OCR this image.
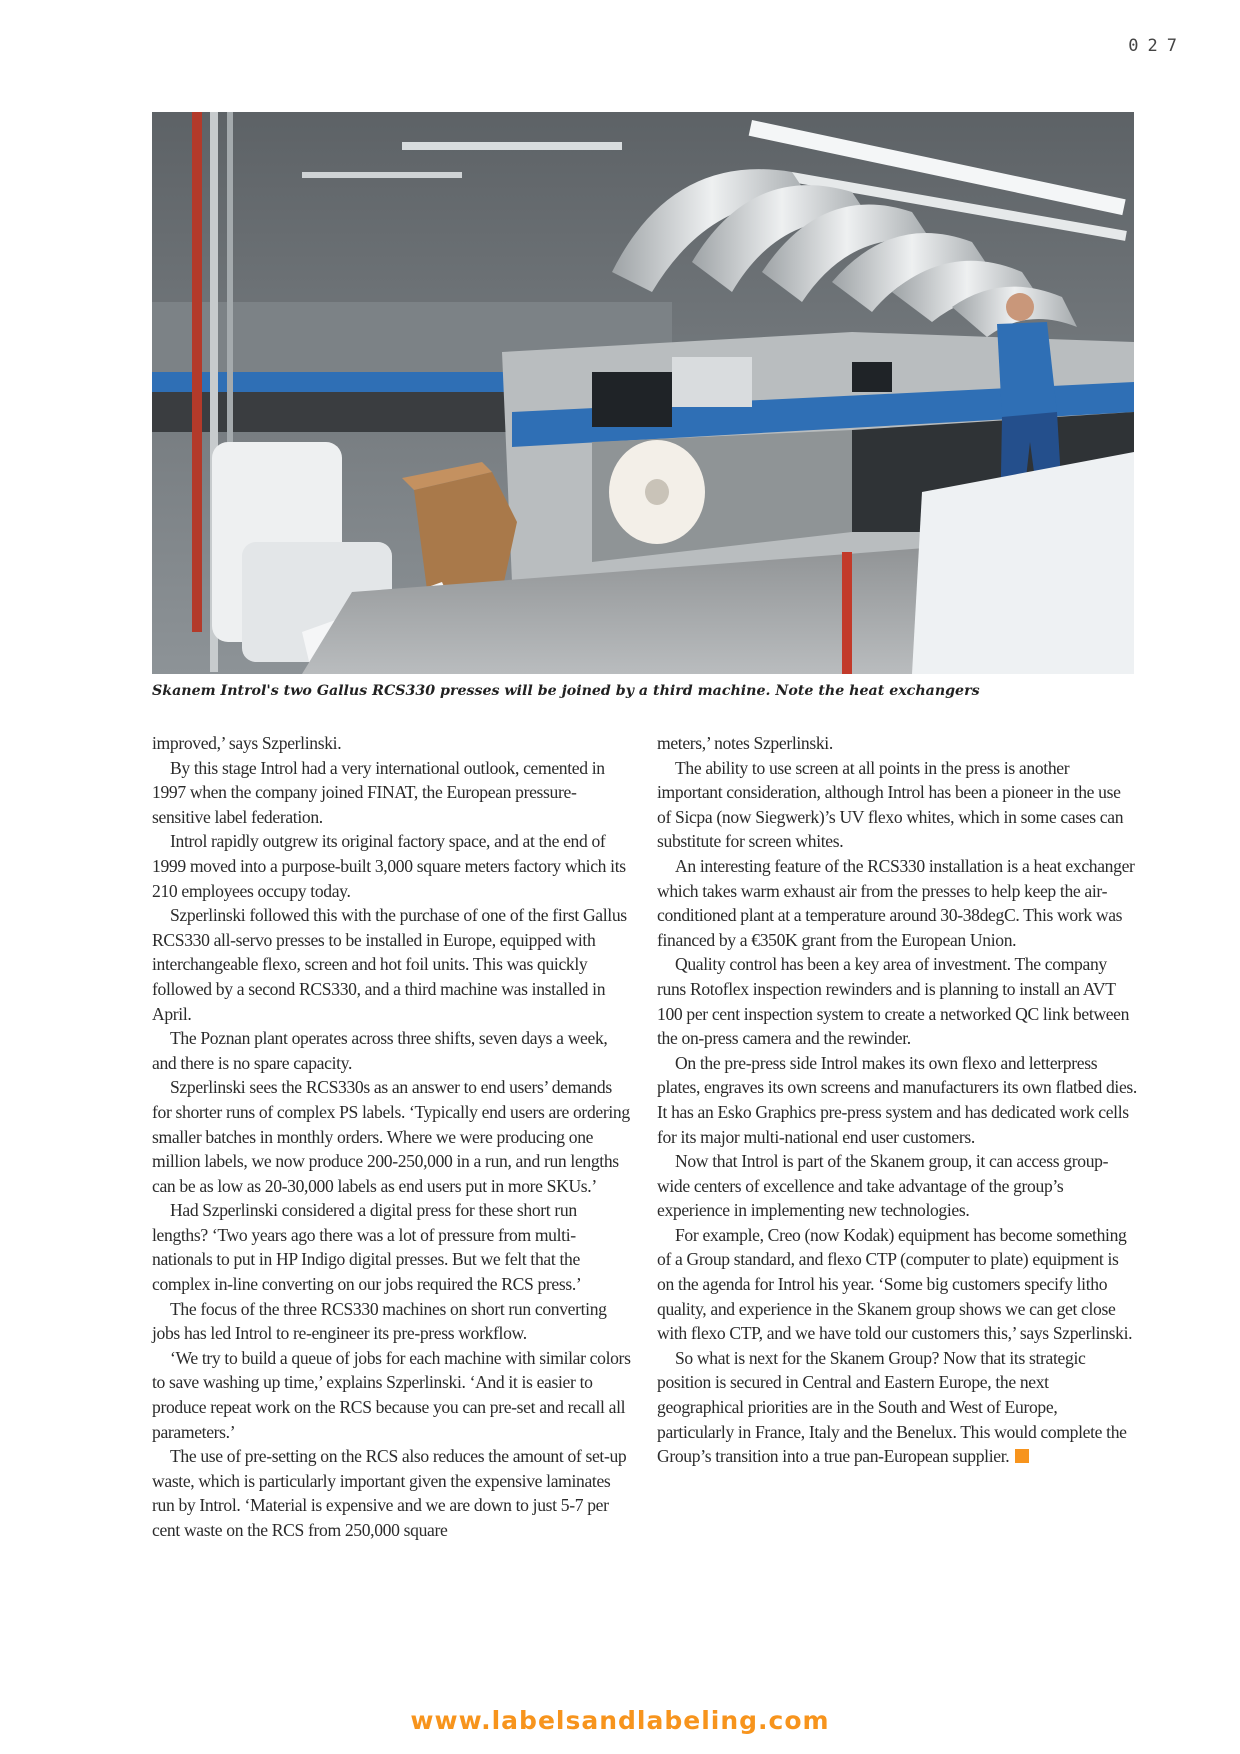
027
Skanem Introl's two Gallus RCS330 presses will be joined by a third machine. Note the heat exchangers

improved,’ says Szperlinski.

By this stage Introl had a very international outlook, cemented in 1997 when the company joined FINAT, the European pressure-sensitive label federation.

Introl rapidly outgrew its original factory space, and at the end of 1999 moved into a purpose-built 3,000 square meters factory which its 210 employees occupy today.

Szperlinski followed this with the purchase of one of the first Gallus RCS330 all-servo presses to be installed in Europe, equipped with interchangeable flexo, screen and hot foil units. This was quickly followed by a second RCS330, and a third machine was installed in April.

The Poznan plant operates across three shifts, seven days a week, and there is no spare capacity.

Szperlinski sees the RCS330s as an answer to end users’ demands for shorter runs of complex PS labels. ‘Typically end users are ordering smaller batches in monthly orders. Where we were producing one million labels, we now produce 200-250,000 in a run, and run lengths can be as low as 20-30,000 labels as end users put in more SKUs.’

Had Szperlinski considered a digital press for these short run lengths? ‘Two years ago there was a lot of pressure from multi-nationals to put in HP Indigo digital presses. But we felt that the complex in-line converting on our jobs required the RCS press.’

The focus of the three RCS330 machines on short run converting jobs has led Introl to re-engineer its pre-press workflow.

‘We try to build a queue of jobs for each machine with similar colors to save washing up time,’ explains Szperlinski. ‘And it is easier to produce repeat work on the RCS because you can pre-set and recall all parameters.’

The use of pre-setting on the RCS also reduces the amount of set-up waste, which is particularly important given the expensive laminates run by Introl. ‘Material is expensive and we are down to just 5-7 per cent waste on the RCS from 250,000 square

meters,’ notes Szperlinski.

The ability to use screen at all points in the press is another important consideration, although Introl has been a pioneer in the use of Sicpa (now Siegwerk)’s UV flexo whites, which in some cases can substitute for screen whites.

An interesting feature of the RCS330 installation is a heat exchanger which takes warm exhaust air from the presses to help keep the air- conditioned plant at a temperature around 30-38degC. This work was financed by a €350K grant from the European Union.

Quality control has been a key area of investment. The company runs Rotoflex inspection rewinders and is planning to install an AVT 100 per cent inspection system to create a networked QC link between the on-press camera and the rewinder.

On the pre-press side Introl makes its own flexo and letterpress plates, engraves its own screens and manufacturers its own flatbed dies. It has an Esko Graphics pre-press system and has dedicated work cells for its major multi-national end user customers.

Now that Introl is part of the Skanem group, it can access group-wide centers of excellence and take advantage of the group’s experience in implementing new technologies.

For example, Creo (now Kodak) equipment has become something of a Group standard, and flexo CTP (computer to plate) equipment is on the agenda for Introl his year. ‘Some big customers specify litho quality, and experience in the Skanem group shows we can get close with flexo CTP, and we have told our customers this,’ says Szperlinski.

So what is next for the Skanem Group? Now that its strategic position is secured in Central and Eastern Europe, the next geographical priorities are in the South and West of Europe, particularly in France, Italy and the Benelux. This would complete the Group’s transition into a true pan-European supplier.

www.labelsandlabeling.com
